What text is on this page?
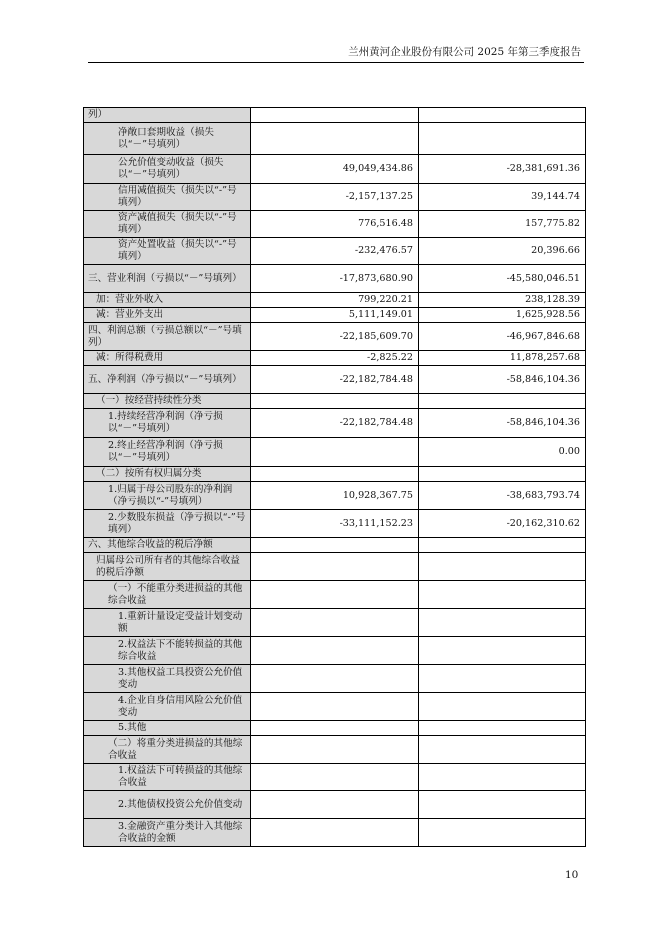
兰州黄河企业股份有限公司 2025 年第三季度报告
列）		
净敞口套期收益（损失以“－”号填列）		
公允价值变动收益（损失以“－”号填列）	49,049,434.86	-28,381,691.36
信用减值损失（损失以“-”号填列）	-2,157,137.25	39,144.74
资产减值损失（损失以“-”号填列）	776,516.48	157,775.82
资产处置收益（损失以“-”号填列）	-232,476.57	20,396.66
三、营业利润（亏损以“－”号填列）	-17,873,680.90	-45,580,046.51
加：营业外收入	799,220.21	238,128.39
减：营业外支出	5,111,149.01	1,625,928.56
四、利润总额（亏损总额以“－”号填列）	-22,185,609.70	-46,967,846.68
减：所得税费用	-2,825.22	11,878,257.68
五、净利润（净亏损以“－”号填列）	-22,182,784.48	-58,846,104.36
（一）按经营持续性分类		
1.持续经营净利润（净亏损以“－”号填列）	-22,182,784.48	-58,846,104.36
2.终止经营净利润（净亏损以“－”号填列）		0.00
（二）按所有权归属分类		
1.归属于母公司股东的净利润（净亏损以“-”号填列）	10,928,367.75	-38,683,793.74
2.少数股东损益（净亏损以“-”号填列）	-33,111,152.23	-20,162,310.62
六、其他综合收益的税后净额		
归属母公司所有者的其他综合收益的税后净额		
（一）不能重分类进损益的其他综合收益		
1.重新计量设定受益计划变动额		
2.权益法下不能转损益的其他综合收益		
3.其他权益工具投资公允价值变动		
4.企业自身信用风险公允价值变动		
5.其他		
（二）将重分类进损益的其他综合收益		
1.权益法下可转损益的其他综合收益		
2.其他债权投资公允价值变动		
3.金融资产重分类计入其他综合收益的金额		
10
